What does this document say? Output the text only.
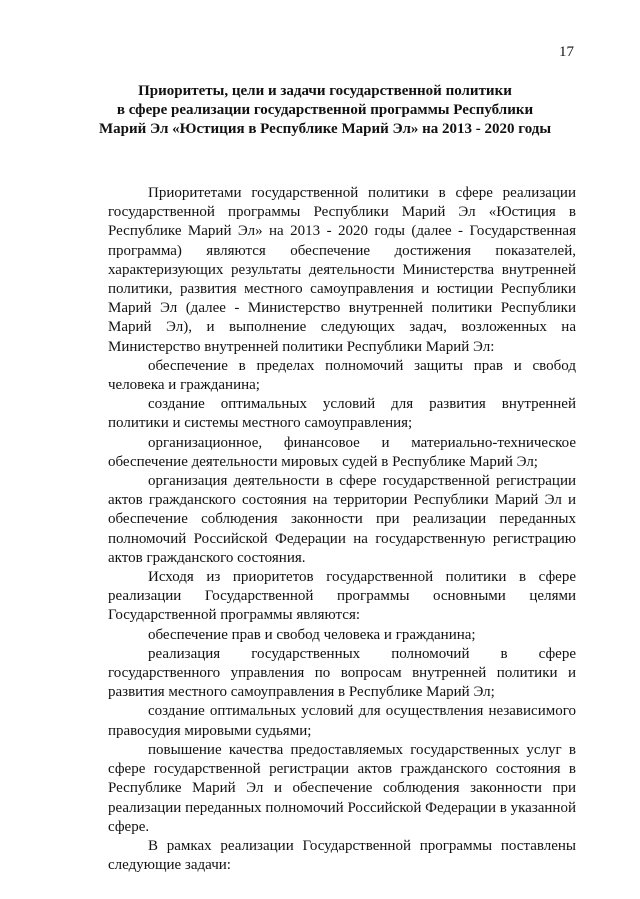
17
Приоритеты, цели и задачи государственной политики
в сфере реализации государственной программы Республики
Марий Эл «Юстиция в Республике Марий Эл» на 2013 - 2020 годы

Приоритетами государственной политики в сфере реализации государственной программы Республики Марий Эл «Юстиция в Республике Марий Эл» на 2013 - 2020 годы (далее - Государственная программа) являются обеспечение достижения показателей, характеризующих результаты деятельности Министерства внутренней политики, развития местного самоуправления и юстиции Республики Марий Эл (далее - Министерство внутренней политики Республики Марий Эл), и выполнение следующих задач, возложенных на Министерство внутренней политики Республики Марий Эл:

обеспечение в пределах полномочий защиты прав и свобод человека и гражданина;

создание оптимальных условий для развития внутренней политики и системы местного самоуправления;

организационное, финансовое и материально-техническое обеспечение деятельности мировых судей в Республике Марий Эл;

организация деятельности в сфере государственной регистрации актов гражданского состояния на территории Республики Марий Эл и обеспечение соблюдения законности при реализации переданных полномочий Российской Федерации на государственную регистрацию актов гражданского состояния.

Исходя из приоритетов государственной политики в сфере реализации Государственной программы основными целями Государственной программы являются:

обеспечение прав и свобод человека и гражданина;

реализация государственных полномочий в сфере государственного управления по вопросам внутренней политики и развития местного самоуправления в Республике Марий Эл;

создание оптимальных условий для осуществления независимого правосудия мировыми судьями;

повышение качества предоставляемых государственных услуг в сфере государственной регистрации актов гражданского состояния в Республике Марий Эл и обеспечение соблюдения законности при реализации переданных полномочий Российской Федерации в указанной сфере.

В рамках реализации Государственной программы поставлены следующие задачи:
